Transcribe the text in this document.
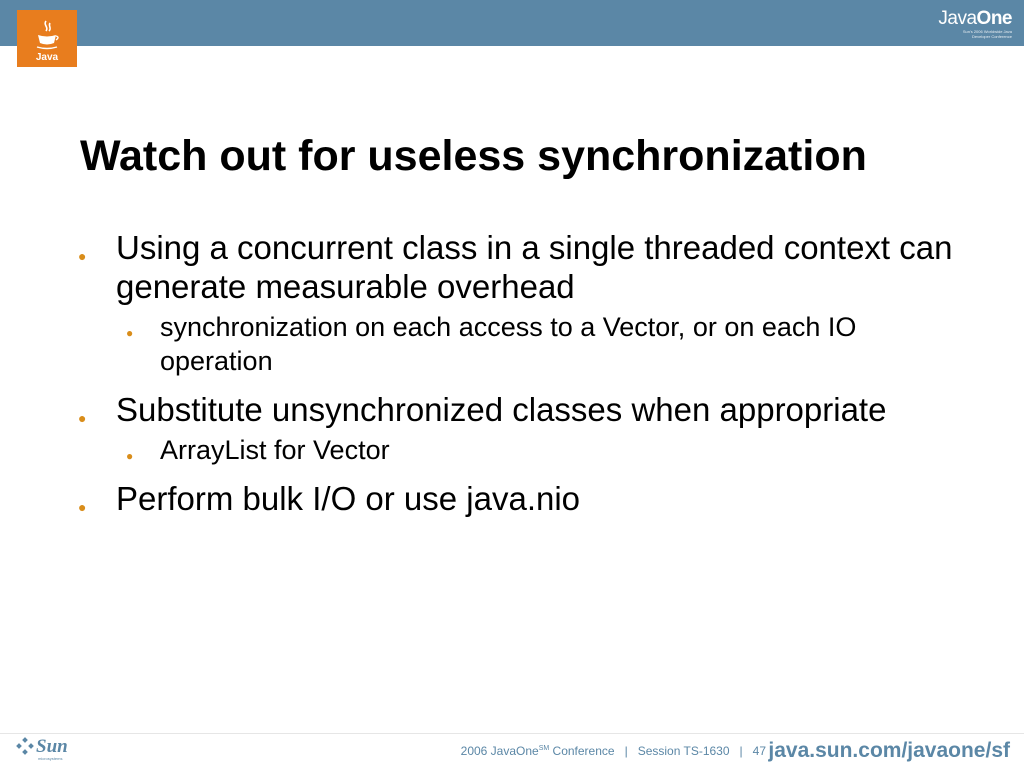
Java
JavaOne
Sun's 2006 Worldwide Java Developer Conference
Watch out for useless synchronization
● Using a concurrent class in a single threaded context can generate measurable overhead
● synchronization on each access to a Vector, or on each IO operation
● Substitute unsynchronized classes when appropriate
● ArrayList for Vector
● Perform bulk I/O or use java.nio
Sun
microsystems
2006 JavaOne℠ Conference   |   Session TS-1630   |   47 java.sun.com/javaone/sf
